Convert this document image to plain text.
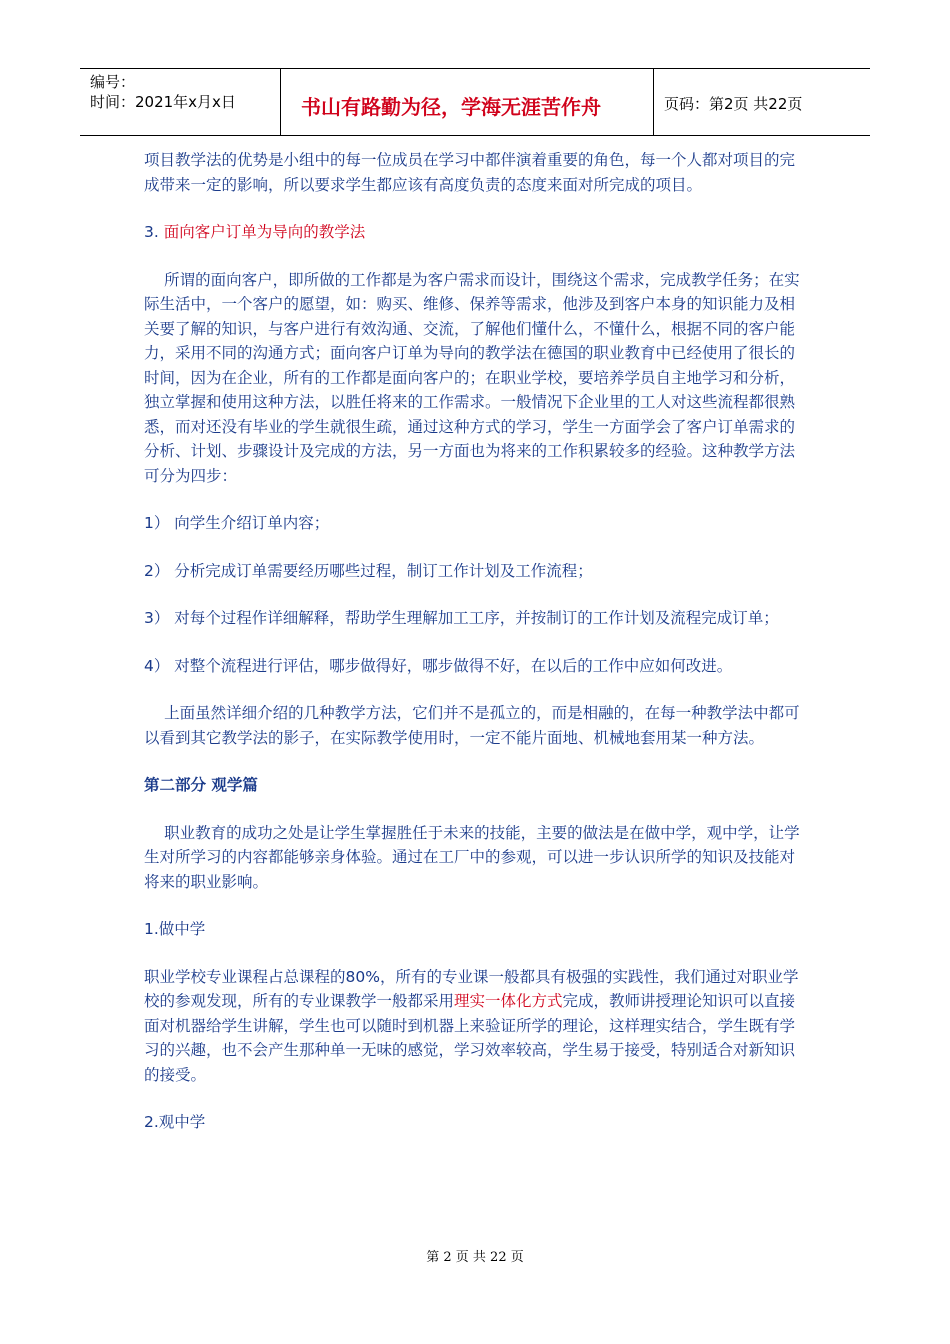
编号：
时间：2021年x月x日	书山有路勤为径，学海无涯苦作舟	页码：第2页 共22页

项目教学法的优势是小组中的每一位成员在学习中都伴演着重要的角色，每一个人都对项目的完成带来一定的影响，所以要求学生都应该有高度负责的态度来面对所完成的项目。

3. 面向客户订单为导向的教学法

所谓的面向客户，即所做的工作都是为客户需求而设计，围绕这个需求，完成教学任务；在实际生活中，一个客户的愿望，如：购买、维修、保养等需求，他涉及到客户本身的知识能力及相关要了解的知识，与客户进行有效沟通、交流，了解他们懂什么，不懂什么，根据不同的客户能力，采用不同的沟通方式；面向客户订单为导向的教学法在德国的职业教育中已经使用了很长的时间，因为在企业，所有的工作都是面向客户的；在职业学校，要培养学员自主地学习和分析，独立掌握和使用这种方法，以胜任将来的工作需求。一般情况下企业里的工人对这些流程都很熟悉，而对还没有毕业的学生就很生疏，通过这种方式的学习，学生一方面学会了客户订单需求的分析、计划、步骤设计及完成的方法，另一方面也为将来的工作积累较多的经验。这种教学方法可分为四步：

1） 向学生介绍订单内容；

2） 分析完成订单需要经历哪些过程，制订工作计划及工作流程；

3） 对每个过程作详细解释，帮助学生理解加工工序，并按制订的工作计划及流程完成订单；

4） 对整个流程进行评估，哪步做得好，哪步做得不好，在以后的工作中应如何改进。

上面虽然详细介绍的几种教学方法，它们并不是孤立的，而是相融的，在每一种教学法中都可以看到其它教学法的影子，在实际教学使用时，一定不能片面地、机械地套用某一种方法。

第二部分 观学篇

职业教育的成功之处是让学生掌握胜任于未来的技能，主要的做法是在做中学，观中学，让学生对所学习的内容都能够亲身体验。通过在工厂中的参观，可以进一步认识所学的知识及技能对将来的职业影响。

1.做中学

职业学校专业课程占总课程的80%，所有的专业课一般都具有极强的实践性，我们通过对职业学校的参观发现，所有的专业课教学一般都采用理实一体化方式完成，教师讲授理论知识可以直接面对机器给学生讲解，学生也可以随时到机器上来验证所学的理论，这样理实结合，学生既有学习的兴趣，也不会产生那种单一无味的感觉，学习效率较高，学生易于接受，特别适合对新知识的接受。

2.观中学

第 2 页 共 22 页
